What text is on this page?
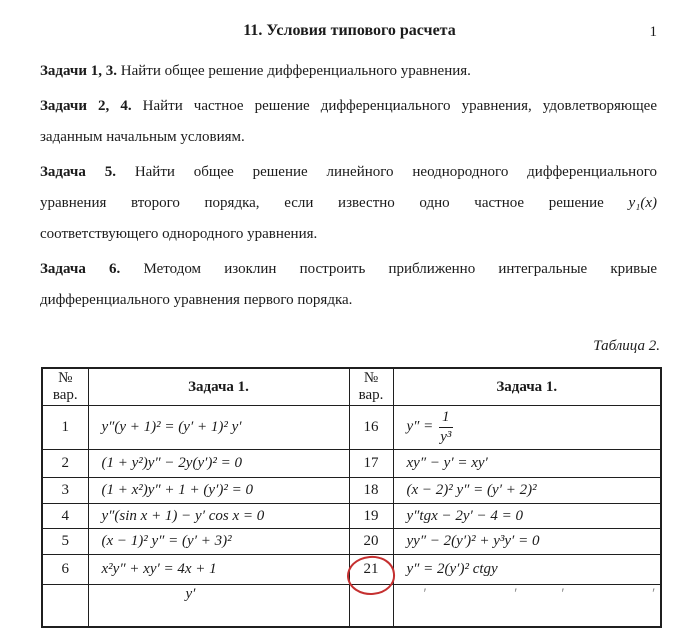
1
11. Условия типового расчета
Задачи 1, 3. Найти общее решение дифференциального уравнения.
Задачи 2, 4. Найти частное решение дифференциального уравнения, удовлетворяющее
заданным начальным условиям.
Задача 5. Найти общее решение линейного неоднородного дифференциального
уравнения второго порядка, если известно одно частное решение y₁(x)
соответствующего однородного уравнения.
Задача 6. Методом изоклин построить приближенно интегральные кривые
дифференциального уравнения первого порядка.
Таблица 2.
№
вар.	Задача 1.	№
вар.	Задача 1.
1	y″(y + 1)² = (y′ + 1)² y′	16	$y'' = \frac{1}{\text{y³}}$

2	(1 + y²)y″ − 2y(y′)² = 0	17	xy″ − y′ = xy′
3	(1 + x²)y″ + 1 + (y′)² = 0	18	(x − 2)² y″ = (y′ + 2)²
4	y″(sin x + 1) − y′ cos x = 0	19	y″tgx − 2y′ − 4 = 0
5	(x − 1)² y″ = (y′ + 3)²	20	yy″ − 2(y′)² + y³y′ = 0
6	x²y″ + xy′ = 4x + 1	21	y″ = 2(y′)² ctgy
	y′		′  ′ ′  ′
